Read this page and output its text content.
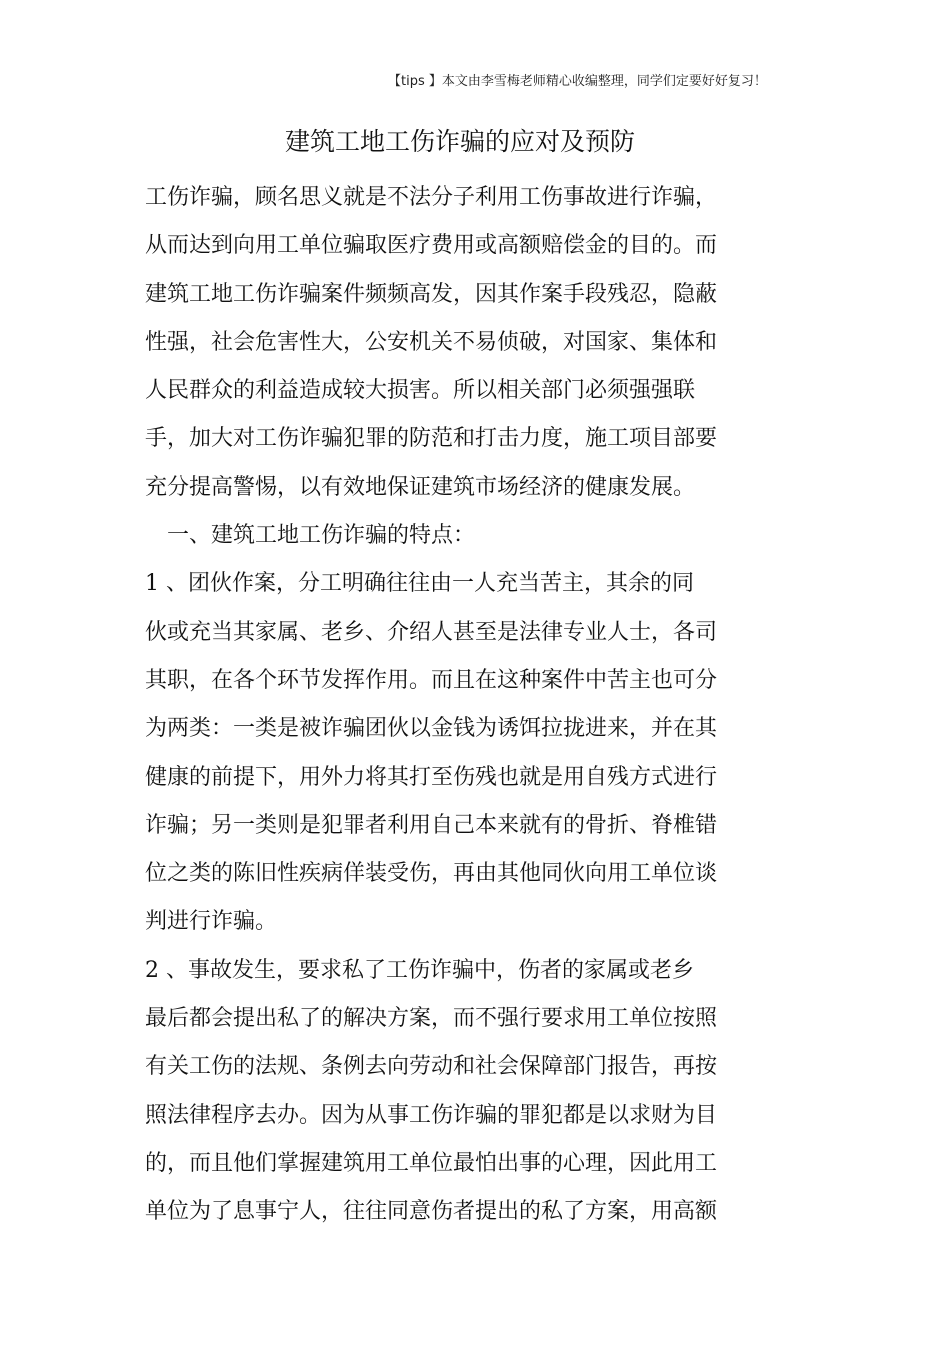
【tips 】本文由李雪梅老师精心收编整理，同学们定要好好复习！
建筑工地工伤诈骗的应对及预防
工伤诈骗，顾名思义就是不法分子利用工伤事故进行诈骗，
从而达到向用工单位骗取医疗费用或高额赔偿金的目的。而
建筑工地工伤诈骗案件频频高发，因其作案手段残忍，隐蔽
性强，社会危害性大，公安机关不易侦破，对国家、集体和
人民群众的利益造成较大损害。所以相关部门必须强强联
手，加大对工伤诈骗犯罪的防范和打击力度，施工项目部要
充分提高警惕，以有效地保证建筑市场经济的健康发展。
　一、建筑工地工伤诈骗的特点：
1 、团伙作案，分工明确往往由一人充当苦主，其余的同
伙或充当其家属、老乡、介绍人甚至是法律专业人士，各司
其职，在各个环节发挥作用。而且在这种案件中苦主也可分
为两类：一类是被诈骗团伙以金钱为诱饵拉拢进来，并在其
健康的前提下，用外力将其打至伤残也就是用自残方式进行
诈骗；另一类则是犯罪者利用自己本来就有的骨折、脊椎错
位之类的陈旧性疾病佯装受伤，再由其他同伙向用工单位谈
判进行诈骗。
2 、事故发生，要求私了工伤诈骗中，伤者的家属或老乡
最后都会提出私了的解决方案，而不强行要求用工单位按照
有关工伤的法规、条例去向劳动和社会保障部门报告，再按
照法律程序去办。因为从事工伤诈骗的罪犯都是以求财为目
的，而且他们掌握建筑用工单位最怕出事的心理，因此用工
单位为了息事宁人，往往同意伤者提出的私了方案，用高额
